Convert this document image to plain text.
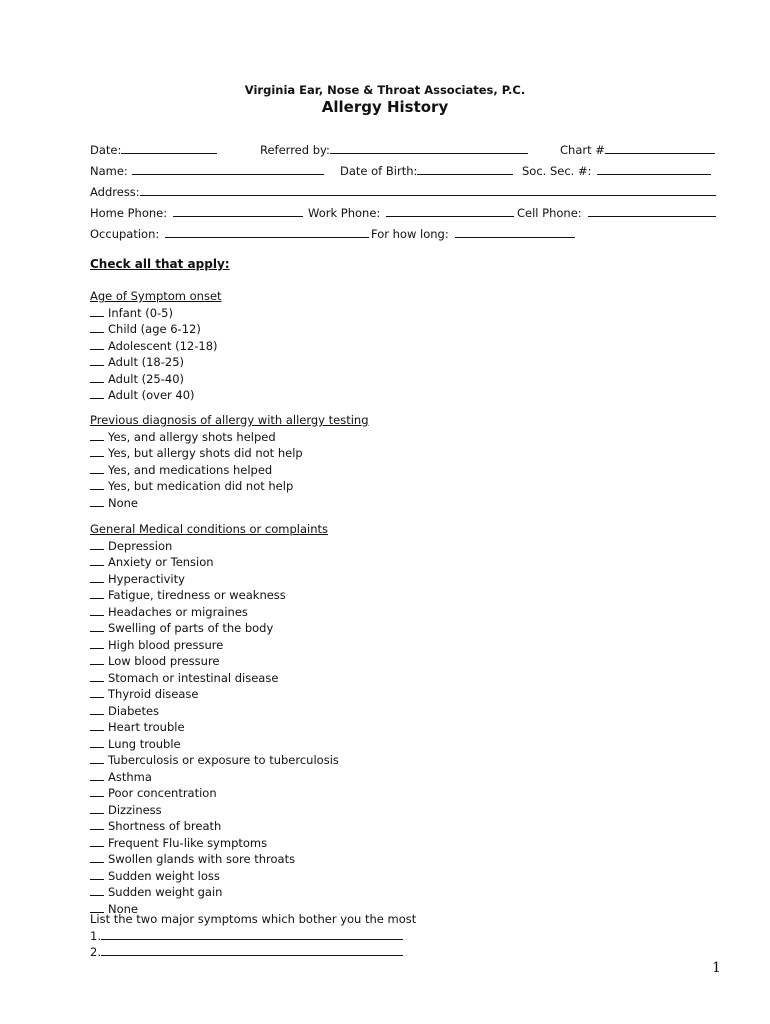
Virginia Ear, Nose & Throat Associates, P.C.
Allergy History
Date:	Referred by:	Chart #
Name:	Date of Birth:	Soc. Sec. #:
Address:
Home Phone:	Work Phone:	Cell Phone:
Occupation:	For how long:
Check all that apply:
Age of Symptom onset
Infant (0-5)
Child (age 6-12)
Adolescent (12-18)
Adult (18-25)
Adult (25-40)
Adult (over 40)
Previous diagnosis of allergy with allergy testing
Yes, and allergy shots helped
Yes, but allergy shots did not help
Yes, and medications helped
Yes, but medication did not help
None
General Medical conditions or complaints
Depression
Anxiety or Tension
Hyperactivity
Fatigue, tiredness or weakness
Headaches or migraines
Swelling of parts of the body
High blood pressure
Low blood pressure
Stomach or intestinal disease
Thyroid disease
Diabetes
Heart trouble
Lung trouble
Tuberculosis or exposure to tuberculosis
Asthma
Poor concentration
Dizziness
Shortness of breath
Frequent Flu-like symptoms
Swollen glands with sore throats
Sudden weight loss
Sudden weight gain
None
List the two major symptoms which bother you the most
1.
2.
1
